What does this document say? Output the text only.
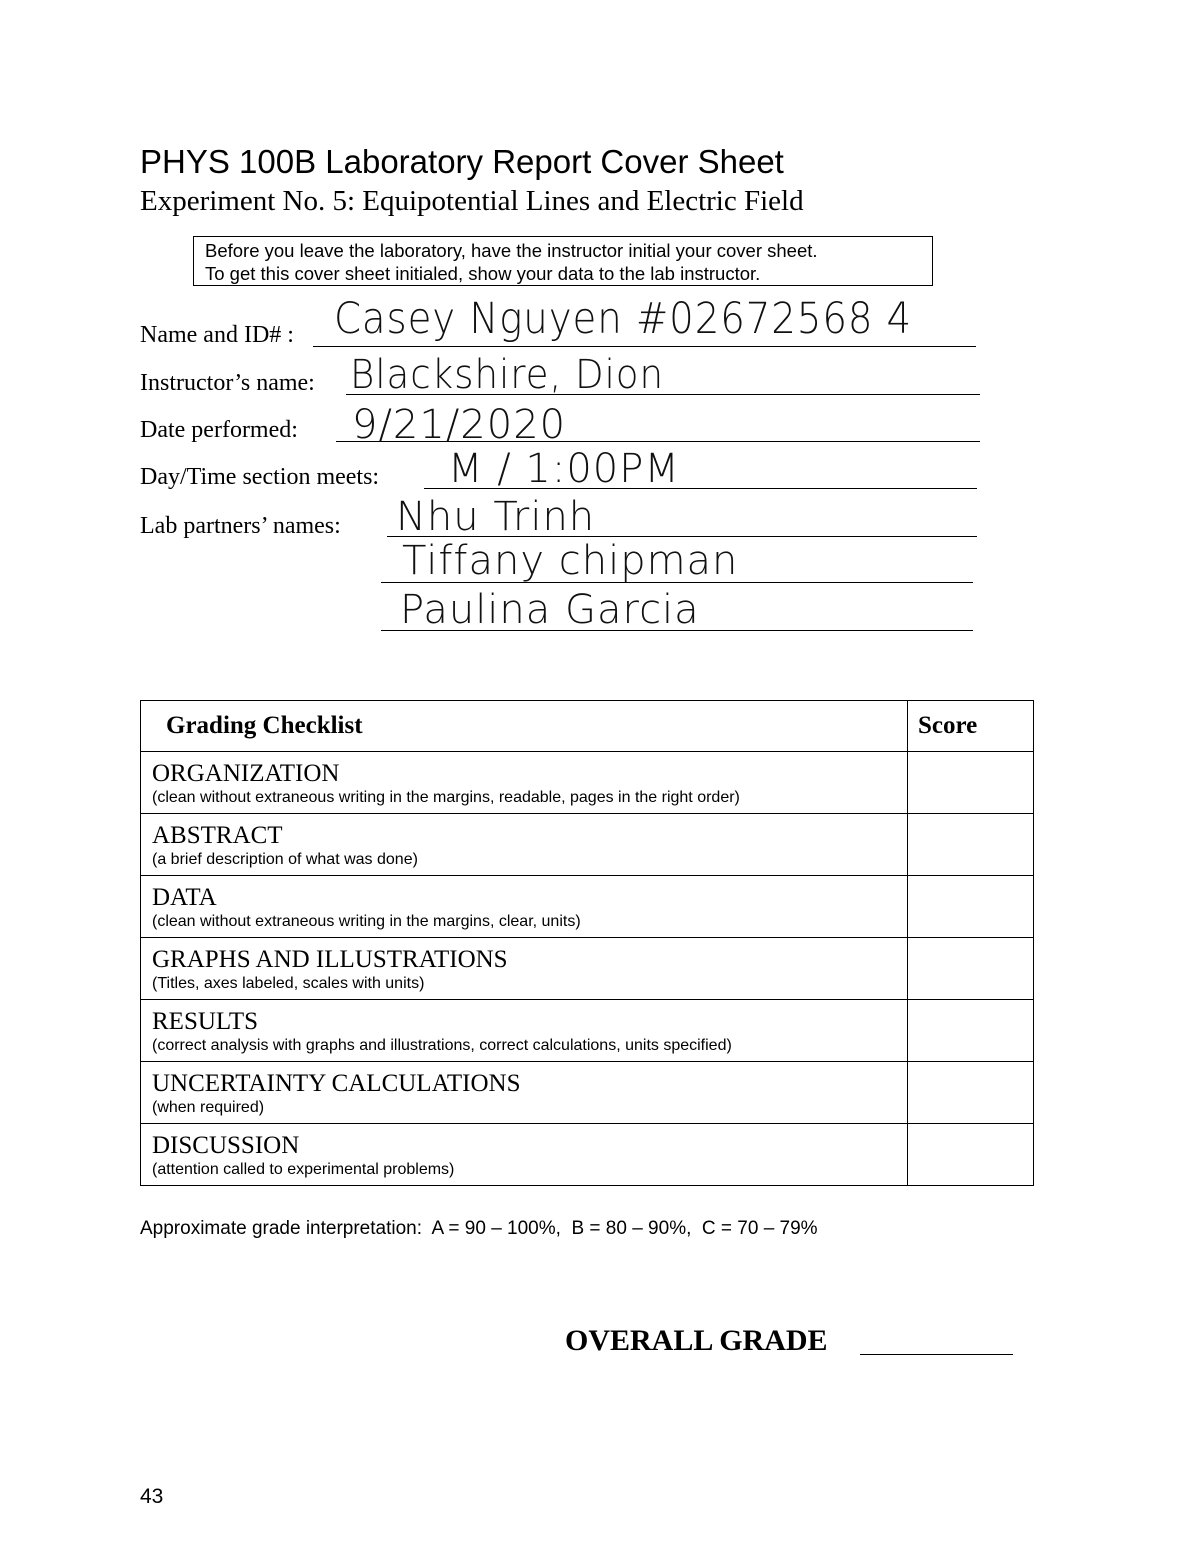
PHYS 100B Laboratory Report Cover Sheet
Experiment No. 5: Equipotential Lines and Electric Field
Before you leave the laboratory, have the instructor initial your cover sheet.
To get this cover sheet initialed, show your data to the lab instructor.
Name and ID# : Casey Nguyen #02672568 4
Instructor’s name: Blackshire, Dion
Date performed: 9/21/2020
Day/Time section meets: M / 1:00PM
Lab partners’ names: Nhu Trinh
Tiffany chipman
Paulina Garcia
Grading Checklist	Score

ORGANIZATION
(clean without extraneous writing in the margins, readable, pages in the right order)	

ABSTRACT
(a brief description of what was done)	

DATA
(clean without extraneous writing in the margins, clear, units)	

GRAPHS AND ILLUSTRATIONS
(Titles, axes labeled, scales with units)	

RESULTS
(correct analysis with graphs and illustrations, correct calculations, units specified)	

UNCERTAINTY CALCULATIONS
(when required)	

DISCUSSION
(attention called to experimental problems)	

Approximate grade interpretation:  A = 90 – 100%,  B = 80 – 90%,  C = 70 – 79%
OVERALL GRADE
43
